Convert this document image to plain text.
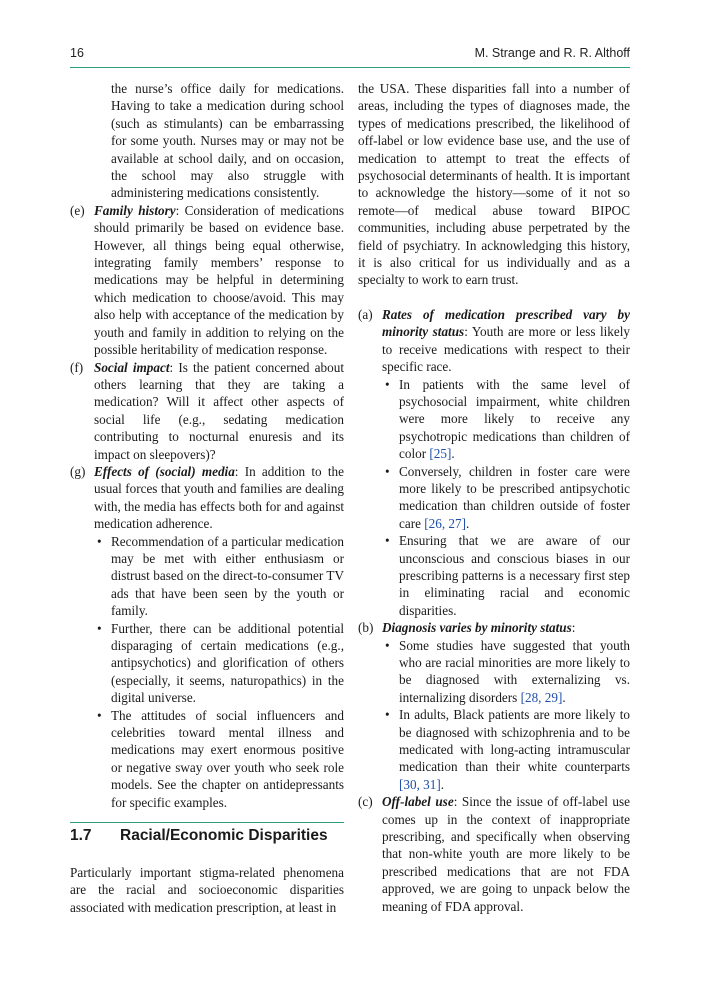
16	M. Strange and R. R. Althoff

the nurse’s office daily for medications. Having to take a medication during school (such as stimulants) can be embarrassing for some youth. Nurses may or may not be available at school daily, and on occasion, the school may also struggle with administering medications consistently.

(e) Family history: Consideration of medications should primarily be based on evidence base. However, all things being equal otherwise, integrating family members’ response to medications may be helpful in determining which medication to choose/avoid. This may also help with acceptance of the medication by youth and family in addition to relying on the possible heritability of medication response.
(f) Social impact: Is the patient concerned about others learning that they are taking a medication? Will it affect other aspects of social life (e.g., sedating medication contributing to nocturnal enuresis and its impact on sleepovers)?
(g) Effects of (social) media: In addition to the usual forces that youth and families are dealing with, the media has effects both for and against medication adherence.
• Recommendation of a particular medication may be met with either enthusiasm or distrust based on the direct-to-consumer TV ads that have been seen by the youth or family.
• Further, there can be additional potential disparaging of certain medications (e.g., antipsychotics) and glorification of others (especially, it seems, naturopathics) in the digital universe.
• The attitudes of social influencers and celebrities toward mental illness and medications may exert enormous positive or negative sway over youth who seek role models. See the chapter on antidepressants for specific examples.
1.7 Racial/Economic Disparities

Particularly important stigma-related phenomena are the racial and socioeconomic disparities associated with medication prescription, at least in

the USA. These disparities fall into a number of areas, including the types of diagnoses made, the types of medications prescribed, the likelihood of off-label or low evidence base use, and the use of medication to attempt to treat the effects of psychosocial determinants of health. It is important to acknowledge the history—some of it not so remote—of medical abuse toward BIPOC communities, including abuse perpetrated by the field of psychiatry. In acknowledging this history, it is also critical for us individually and as a specialty to work to earn trust.

(a) Rates of medication prescribed vary by minority status: Youth are more or less likely to receive medications with respect to their specific race.
• In patients with the same level of psychosocial impairment, white children were more likely to receive any psychotropic medications than children of color [25].
• Conversely, children in foster care were more likely to be prescribed antipsychotic medication than children outside of foster care [26, 27].
• Ensuring that we are aware of our unconscious and conscious biases in our prescribing patterns is a necessary first step in eliminating racial and economic disparities.
(b) Diagnosis varies by minority status:
• Some studies have suggested that youth who are racial minorities are more likely to be diagnosed with externalizing vs. internalizing disorders [28, 29].
• In adults, Black patients are more likely to be diagnosed with schizophrenia and to be medicated with long-acting intramuscular medication than their white counterparts [30, 31].
(c) Off-label use: Since the issue of off-label use comes up in the context of inappropriate prescribing, and specifically when observing that non-white youth are more likely to be prescribed medications that are not FDA approved, we are going to unpack below the meaning of FDA approval.
